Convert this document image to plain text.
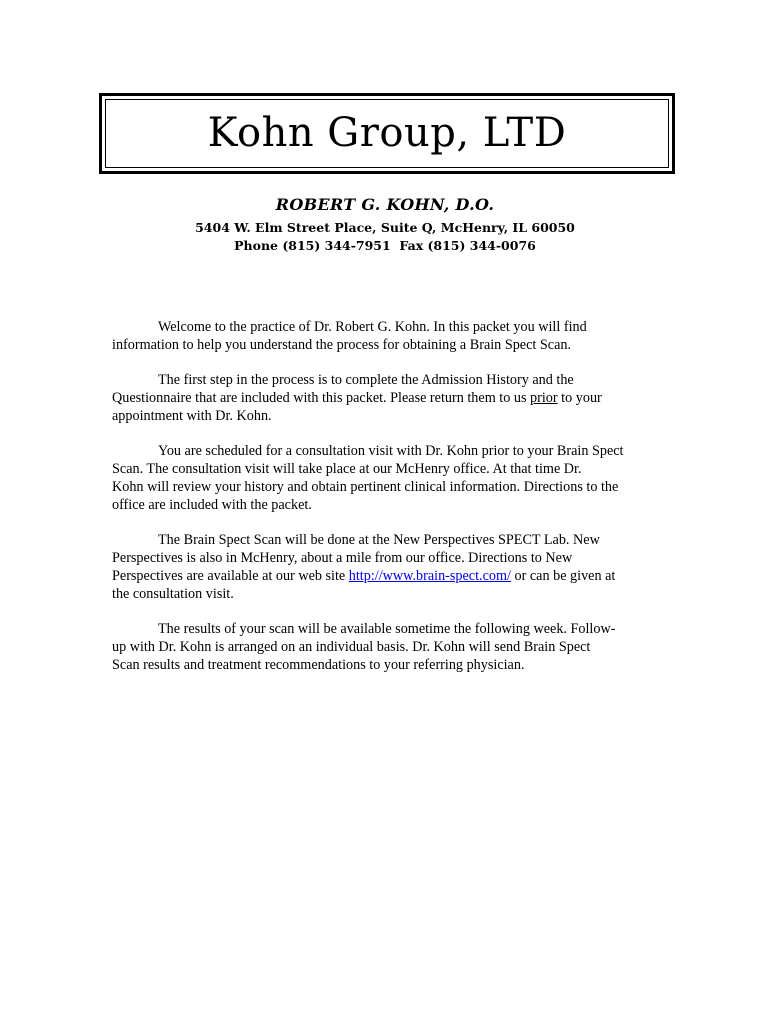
Kohn Group, LTD
ROBERT G. KOHN, D.O.
5404 W. Elm Street Place, Suite Q, McHenry, IL 60050
Phone (815) 344-7951  Fax (815) 344-0076

Welcome to the practice of Dr. Robert G. Kohn. In this packet you will find
information to help you understand the process for obtaining a Brain Spect Scan.

The first step in the process is to complete the Admission History and the
Questionnaire that are included with this packet. Please return them to us prior to your
appointment with Dr. Kohn.

You are scheduled for a consultation visit with Dr. Kohn prior to your Brain Spect
Scan. The consultation visit will take place at our McHenry office. At that time Dr.
Kohn will review your history and obtain pertinent clinical information. Directions to the
office are included with the packet.

The Brain Spect Scan will be done at the New Perspectives SPECT Lab. New
Perspectives is also in McHenry, about a mile from our office. Directions to New
Perspectives are available at our web site http://www.brain-spect.com/ or can be given at
the consultation visit.

The results of your scan will be available sometime the following week. Follow-
up with Dr. Kohn is arranged on an individual basis. Dr. Kohn will send Brain Spect
Scan results and treatment recommendations to your referring physician.
